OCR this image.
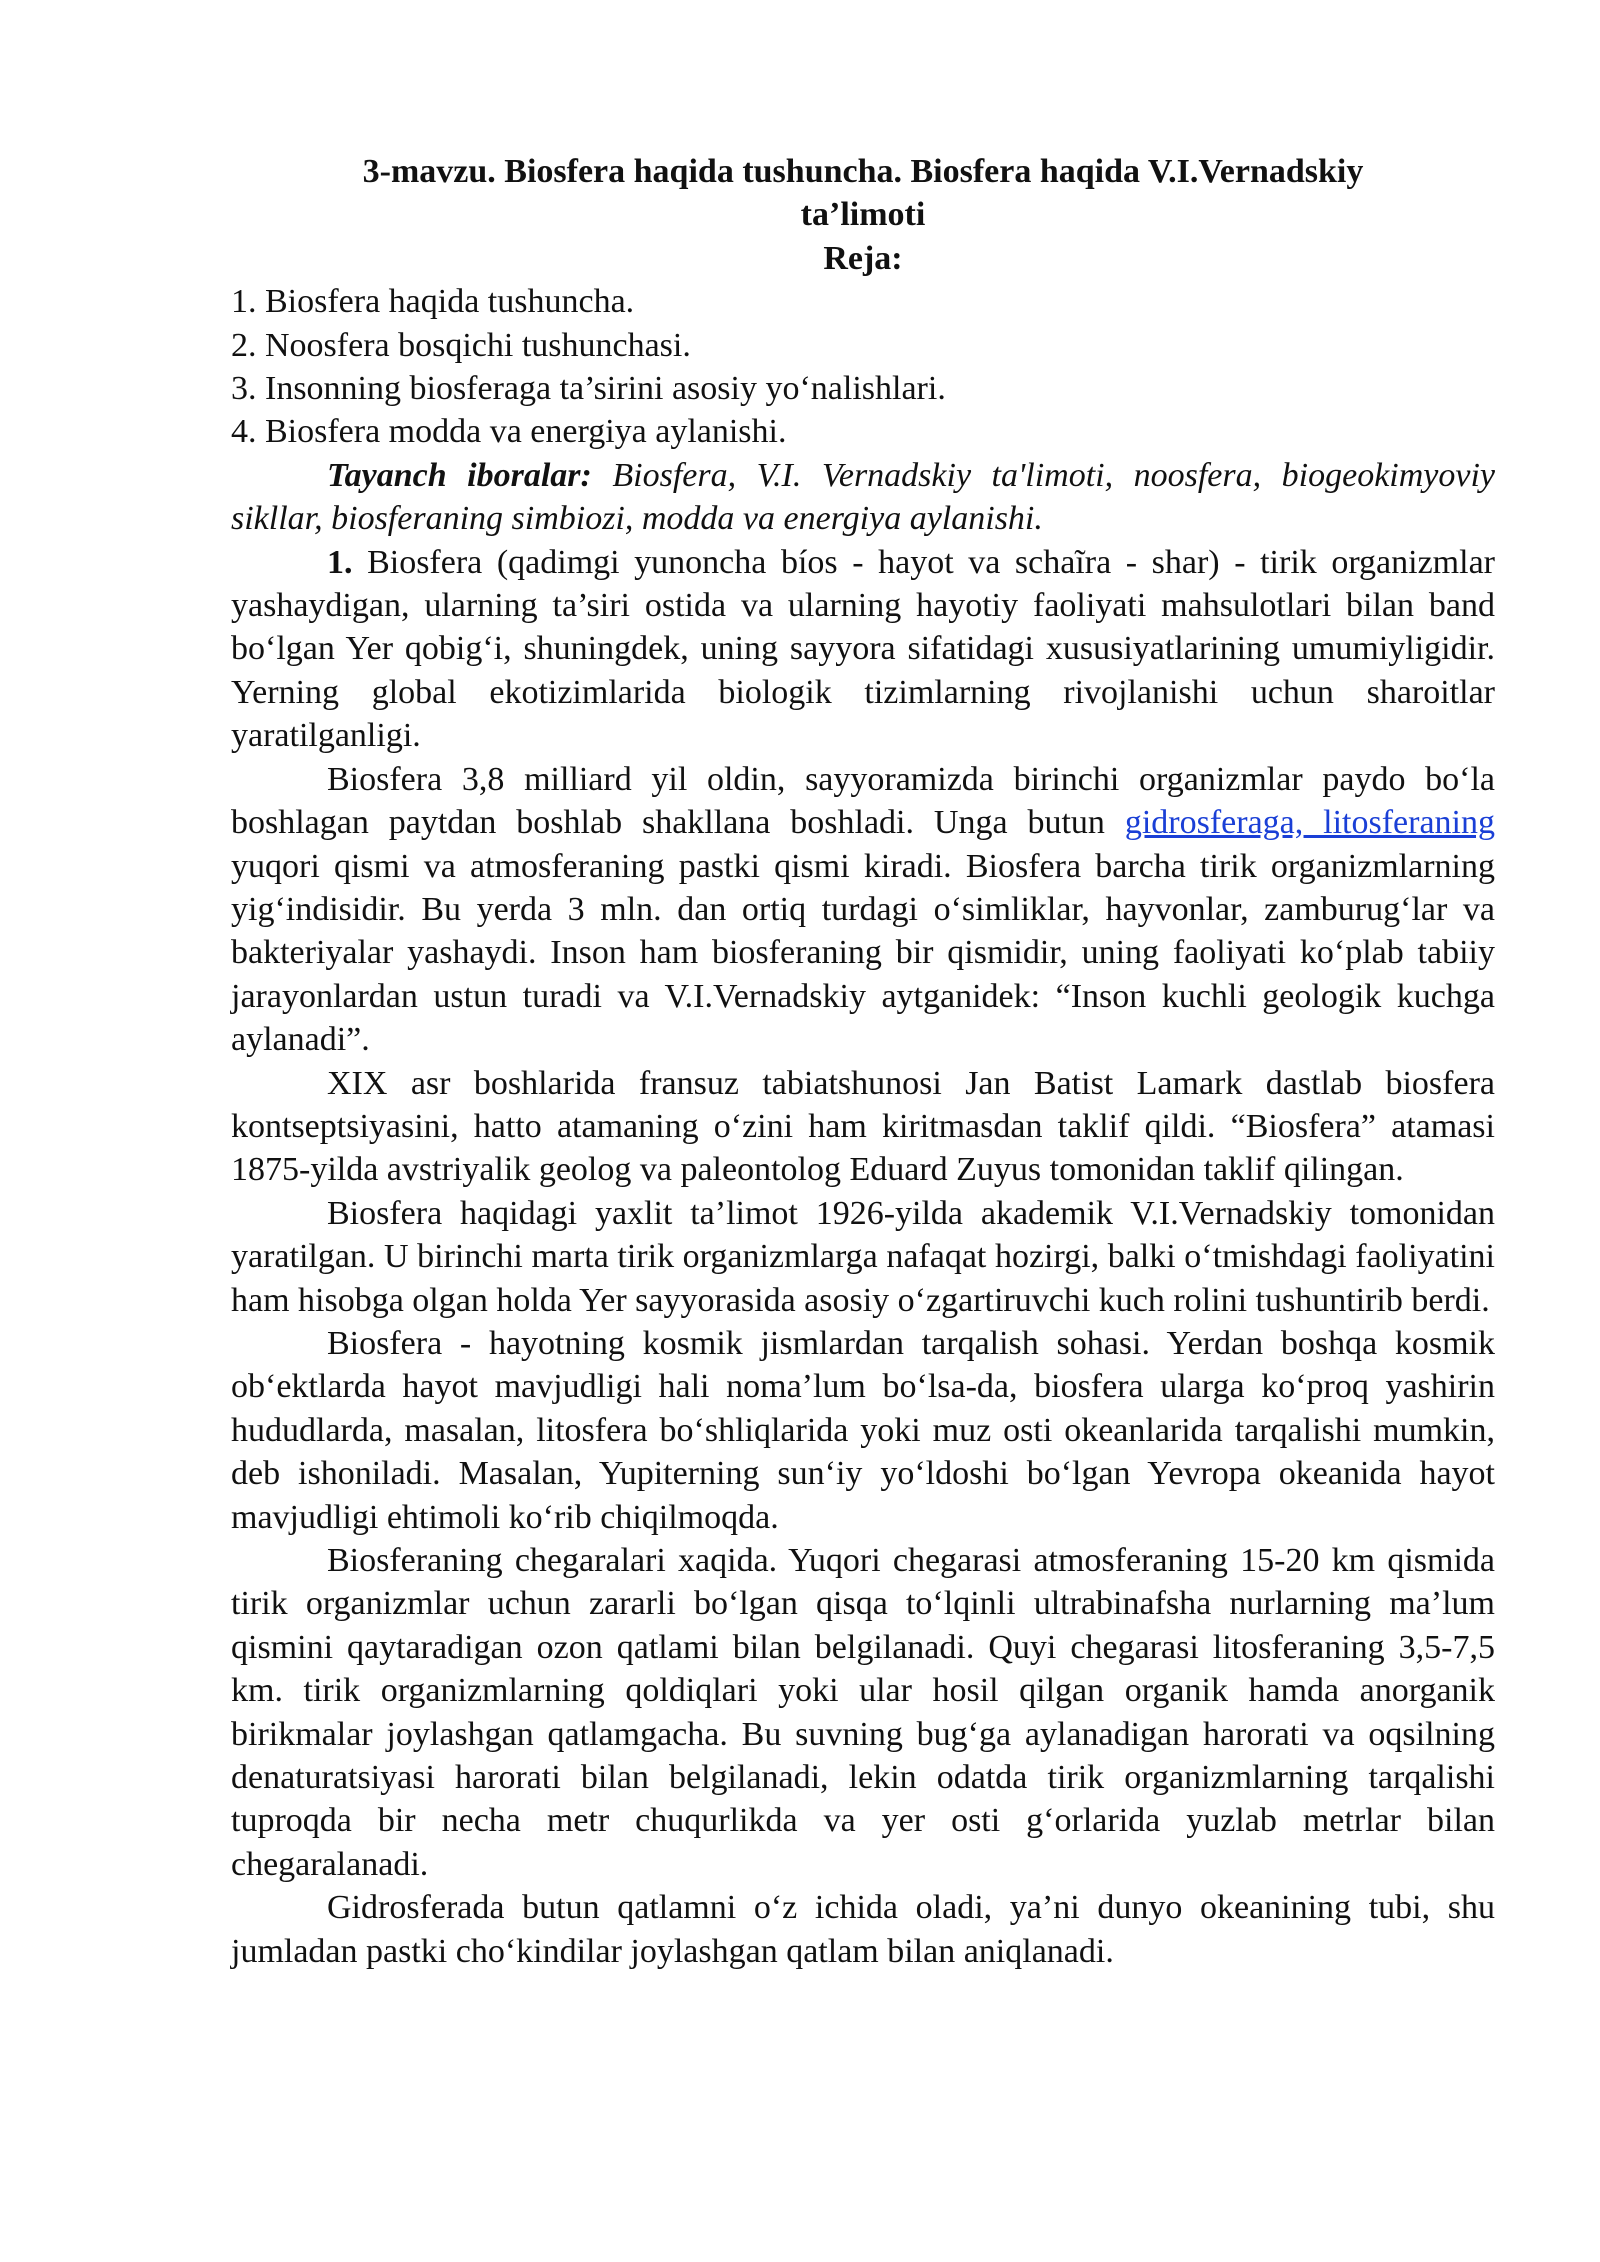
3-mavzu. Biosfera haqida tushuncha. Biosfera haqida V.I.Vernadskiy
ta’limoti
Reja:

1. Biosfera haqida tushuncha.

2. Noosfera bosqichi tushunchasi.

3. Insonning biosferaga ta’sirini asosiy yo‘nalishlari.

4. Biosfera modda va energiya aylanishi.

Tayanch iboralar: Biosfera, V.I. Vernadskiy ta'limoti, noosfera, biogeokimyoviy sikllar, biosferaning simbiozi, modda va energiya aylanishi.

1. Biosfera (qadimgi yunoncha bíos - hayot va schaĩra - shar) - tirik organizmlar yashaydigan, ularning ta’siri ostida va ularning hayotiy faoliyati mahsulotlari bilan band bo‘lgan Yer qobig‘i, shuningdek, uning sayyora sifatidagi xususiyatlarining umumiyligidir. Yerning global ekotizimlarida biologik tizimlarning rivojlanishi uchun sharoitlar yaratilganligi.

Biosfera 3,8 milliard yil oldin, sayyoramizda birinchi organizmlar paydo bo‘la boshlagan paytdan boshlab shakllana boshladi. Unga butun gidrosferaga, litosferaning yuqori qismi va atmosferaning pastki qismi kiradi. Biosfera barcha tirik organizmlarning yig‘indisidir. Bu yerda 3 mln. dan ortiq turdagi o‘simliklar, hayvonlar, zamburug‘lar va bakteriyalar yashaydi. Inson ham biosferaning bir qismidir, uning faoliyati ko‘plab tabiiy jarayonlardan ustun turadi va V.I.Vernadskiy aytganidek: “Inson kuchli geologik kuchga aylanadi”.

XIX asr boshlarida fransuz tabiatshunosi Jan Batist Lamark dastlab biosfera kontseptsiyasini, hatto atamaning o‘zini ham kiritmasdan taklif qildi. “Biosfera” atamasi 1875-yilda avstriyalik geolog va paleontolog Eduard Zuyus tomonidan taklif qilingan.

Biosfera haqidagi yaxlit ta’limot 1926-yilda akademik V.I.Vernadskiy tomonidan yaratilgan. U birinchi marta tirik organizmlarga nafaqat hozirgi, balki o‘tmishdagi faoliyatini ham hisobga olgan holda Yer sayyorasida asosiy o‘zgartiruvchi kuch rolini tushuntirib berdi.

Biosfera - hayotning kosmik jismlardan tarqalish sohasi. Yerdan boshqa kosmik ob‘ektlarda hayot mavjudligi hali noma’lum bo‘lsa-da, biosfera ularga ko‘proq yashirin hududlarda, masalan, litosfera bo‘shliqlarida yoki muz osti okeanlarida tarqalishi mumkin, deb ishoniladi. Masalan, Yupiterning sun‘iy yo‘ldoshi bo‘lgan Yevropa okeanida hayot mavjudligi ehtimoli ko‘rib chiqilmoqda.

Biosferaning chegaralari xaqida. Yuqori chegarasi atmosferaning 15-20 km qismida tirik organizmlar uchun zararli bo‘lgan qisqa to‘lqinli ultrabinafsha nurlarning ma’lum qismini qaytaradigan ozon qatlami bilan belgilanadi. Quyi chegarasi litosferaning 3,5-7,5 km. tirik organizmlarning qoldiqlari yoki ular hosil qilgan organik hamda anorganik birikmalar joylashgan qatlamgacha. Bu suvning bug‘ga aylanadigan harorati va oqsilning denaturatsiyasi harorati bilan belgilanadi, lekin odatda tirik organizmlarning tarqalishi tuproqda bir necha metr chuqurlikda va yer osti g‘orlarida yuzlab metrlar bilan chegaralanadi.

Gidrosferada butun qatlamni o‘z ichida oladi, ya’ni dunyo okeanining tubi, shu jumladan pastki cho‘kindilar joylashgan qatlam bilan aniqlanadi.
